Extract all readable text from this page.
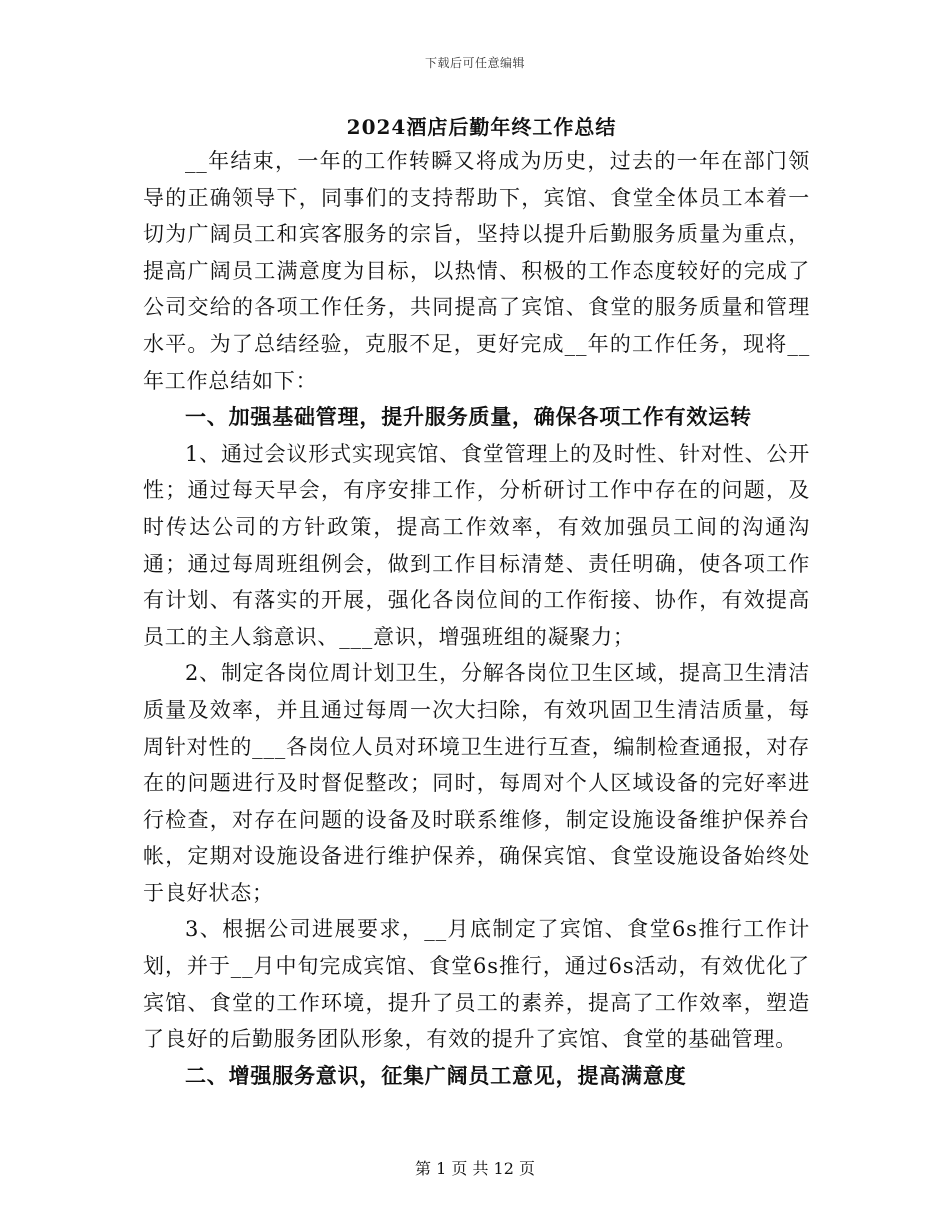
下载后可任意编辑
2024酒店后勤年终工作总结

__年结束，一年的工作转瞬又将成为历史，过去的一年在部门领导的正确领导下，同事们的支持帮助下，宾馆、食堂全体员工本着一切为广阔员工和宾客服务的宗旨，坚持以提升后勤服务质量为重点，提高广阔员工满意度为目标，以热情、积极的工作态度较好的完成了公司交给的各项工作任务，共同提高了宾馆、食堂的服务质量和管理水平。为了总结经验，克服不足，更好完成__年的工作任务，现将__年工作总结如下：

一、加强基础管理，提升服务质量，确保各项工作有效运转

1、通过会议形式实现宾馆、食堂管理上的及时性、针对性、公开性；通过每天早会，有序安排工作，分析研讨工作中存在的问题，及时传达公司的方针政策，提高工作效率，有效加强员工间的沟通沟通；通过每周班组例会，做到工作目标清楚、责任明确，使各项工作有计划、有落实的开展，强化各岗位间的工作衔接、协作，有效提高员工的主人翁意识、___意识，增强班组的凝聚力；

2、制定各岗位周计划卫生，分解各岗位卫生区域，提高卫生清洁质量及效率，并且通过每周一次大扫除，有效巩固卫生清洁质量，每周针对性的___各岗位人员对环境卫生进行互查，编制检查通报，对存在的问题进行及时督促整改；同时，每周对个人区域设备的完好率进行检查，对存在问题的设备及时联系维修，制定设施设备维护保养台帐，定期对设施设备进行维护保养，确保宾馆、食堂设施设备始终处于良好状态；

3、根据公司进展要求，__月底制定了宾馆、食堂6s推行工作计划，并于__月中旬完成宾馆、食堂6s推行，通过6s活动，有效优化了宾馆、食堂的工作环境，提升了员工的素养，提高了工作效率，塑造了良好的后勤服务团队形象，有效的提升了宾馆、食堂的基础管理。

二、增强服务意识，征集广阔员工意见，提高满意度

第 1 页 共 12 页
